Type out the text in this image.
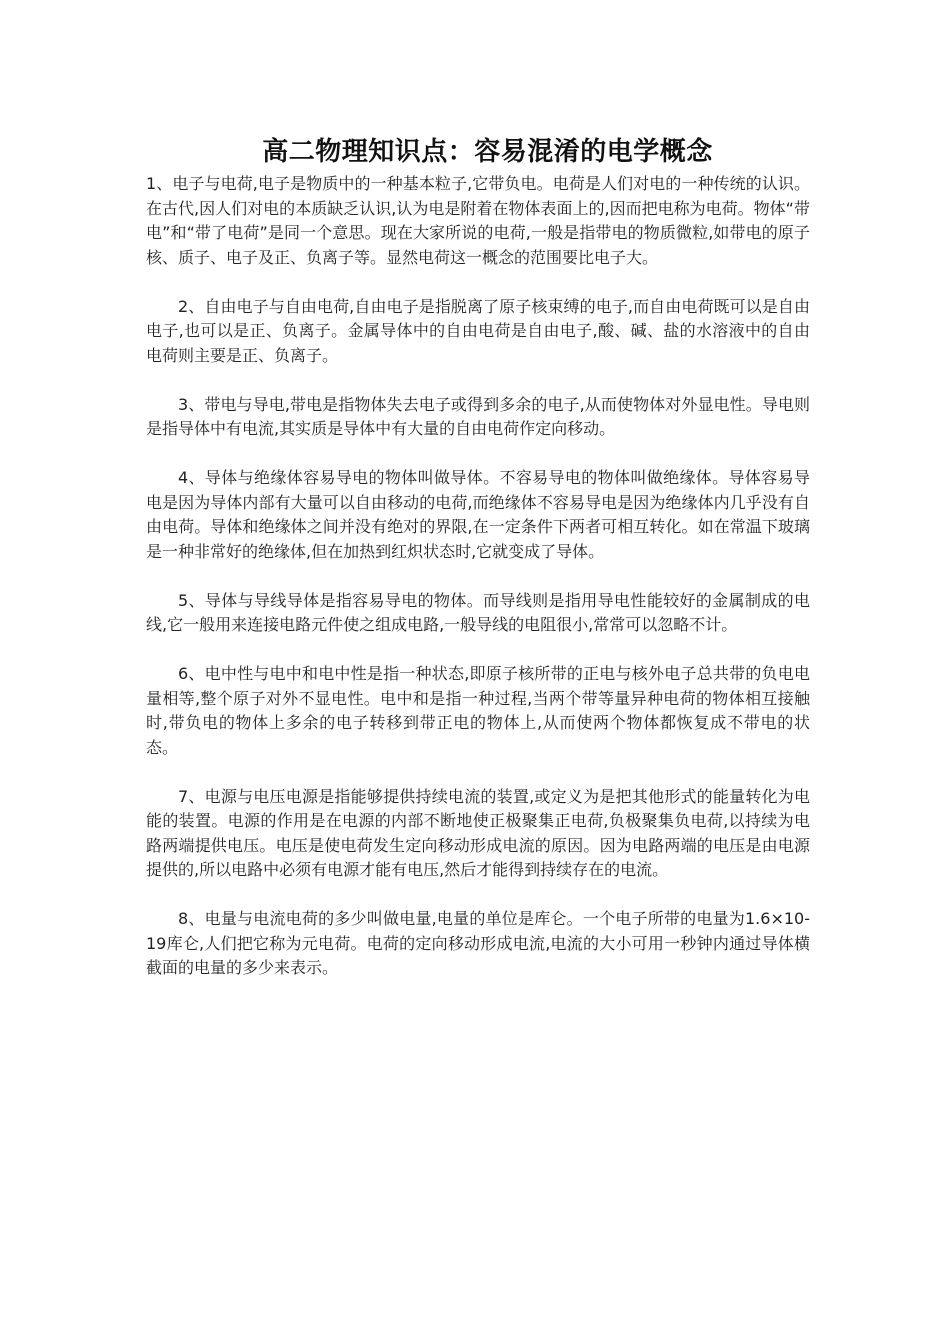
高二物理知识点：容易混淆的电学概念

1、电子与电荷,电子是物质中的一种基本粒子,它带负电。电荷是人们对电的一种传统的认识。在古代,因人们对电的本质缺乏认识,认为电是附着在物体表面上的,因而把电称为电荷。物体“带电”和“带了电荷”是同一个意思。现在大家所说的电荷,一般是指带电的物质微粒,如带电的原子核、质子、电子及正、负离子等。显然电荷这一概念的范围要比电子大。

2、自由电子与自由电荷,自由电子是指脱离了原子核束缚的电子,而自由电荷既可以是自由电子,也可以是正、负离子。金属导体中的自由电荷是自由电子,酸、碱、盐的水溶液中的自由电荷则主要是正、负离子。

3、带电与导电,带电是指物体失去电子或得到多余的电子,从而使物体对外显电性。导电则是指导体中有电流,其实质是导体中有大量的自由电荷作定向移动。

4、导体与绝缘体容易导电的物体叫做导体。不容易导电的物体叫做绝缘体。导体容易导电是因为导体内部有大量可以自由移动的电荷,而绝缘体不容易导电是因为绝缘体内几乎没有自由电荷。导体和绝缘体之间并没有绝对的界限,在一定条件下两者可相互转化。如在常温下玻璃是一种非常好的绝缘体,但在加热到红炽状态时,它就变成了导体。

5、导体与导线导体是指容易导电的物体。而导线则是指用导电性能较好的金属制成的电线,它一般用来连接电路元件使之组成电路,一般导线的电阻很小,常常可以忽略不计。

6、电中性与电中和电中性是指一种状态,即原子核所带的正电与核外电子总共带的负电电量相等,整个原子对外不显电性。电中和是指一种过程,当两个带等量异种电荷的物体相互接触时,带负电的物体上多余的电子转移到带正电的物体上,从而使两个物体都恢复成不带电的状态。

7、电源与电压电源是指能够提供持续电流的装置,或定义为是把其他形式的能量转化为电能的装置。电源的作用是在电源的内部不断地使正极聚集正电荷,负极聚集负电荷,以持续为电路两端提供电压。电压是使电荷发生定向移动形成电流的原因。因为电路两端的电压是由电源提供的,所以电路中必须有电源才能有电压,然后才能得到持续存在的电流。

8、电量与电流电荷的多少叫做电量,电量的单位是库仑。一个电子所带的电量为1.6×10-19库仑,人们把它称为元电荷。电荷的定向移动形成电流,电流的大小可用一秒钟内通过导体横截面的电量的多少来表示。
